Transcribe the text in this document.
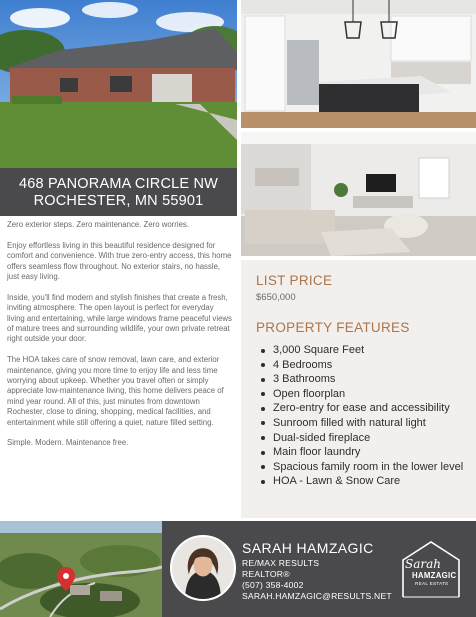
468 PANORAMA CIRCLE NW
ROCHESTER, MN 55901

Zero exterior steps. Zero maintenance. Zero worries.

Enjoy effortless living in this beautiful residence designed for comfort and convenience. With true zero-entry access, this home offers seamless flow throughout. No exterior stairs, no hassle, just easy living.

Inside, you'll find modern and stylish finishes that create a fresh, inviting atmosphere. The open layout is perfect for everyday living and entertaining, while large windows frame peaceful views of mature trees and surrounding wildlife, your own private retreat right outside your door.

The HOA takes care of snow removal, lawn care, and exterior maintenance, giving you more time to enjoy life and less time worrying about upkeep. Whether you travel often or simply appreciate low-maintenance living, this home delivers peace of mind year round. All of this, just minutes from downtown Rochester, close to dining, shopping, medical facilities, and entertainment while still offering a quiet, nature filled setting.

Simple. Modern. Maintenance free.

LIST PRICE
$650,000
PROPERTY FEATURES
3,000 Square Feet
4 Bedrooms
3 Bathrooms
Open floorplan
Zero-entry for ease and accessibility
Sunroom filled with natural light
Dual-sided fireplace
Main floor laundry
Spacious family room in the lower level
HOA - Lawn & Snow Care
SARAH HAMZAGIC
RE/MAX RESULTS
REALTOR®
(507) 358-4002
SARAH.HAMZAGIC@RESULTS.NET
Sarah
HAMZAGIC
REAL ESTATE
